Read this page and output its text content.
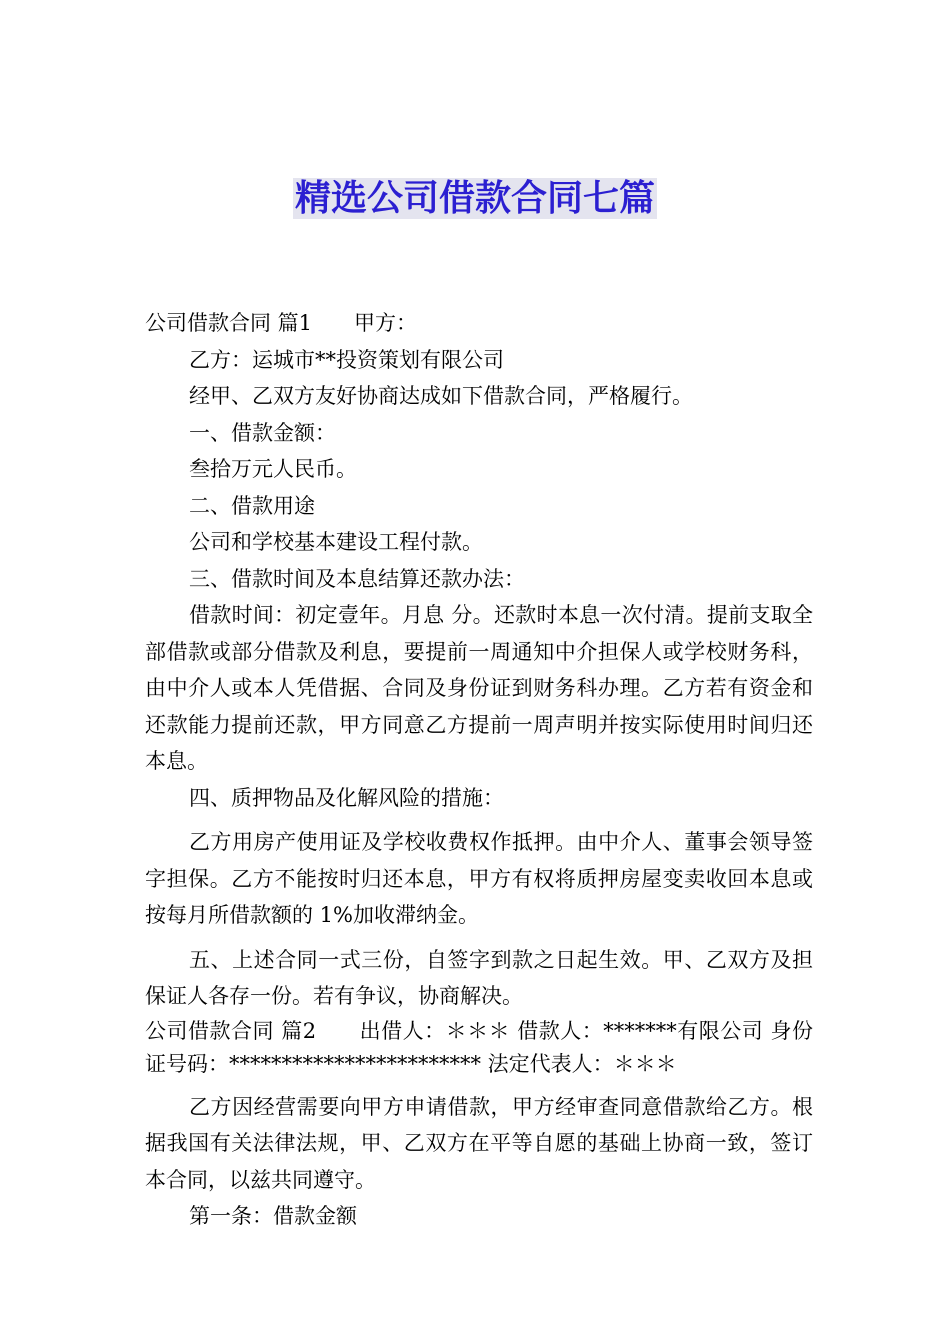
精选公司借款合同七篇

公司借款合同 篇1　　甲方：

乙方：运城市**投资策划有限公司

经甲、乙双方友好协商达成如下借款合同，严格履行。

一、借款金额：

叁拾万元人民币。

二、借款用途

公司和学校基本建设工程付款。

三、借款时间及本息结算还款办法：

借款时间：初定壹年。月息 分。还款时本息一次付清。提前支取全部借款或部分借款及利息，要提前一周通知中介担保人或学校财务科，由中介人或本人凭借据、合同及身份证到财务科办理。乙方若有资金和还款能力提前还款，甲方同意乙方提前一周声明并按实际使用时间归还本息。

四、质押物品及化解风险的措施：

乙方用房产使用证及学校收费权作抵押。由中介人、董事会领导签字担保。乙方不能按时归还本息，甲方有权将质押房屋变卖收回本息或按每月所借款额的 1%加收滞纳金。

五、上述合同一式三份，自签字到款之日起生效。甲、乙双方及担保证人各存一份。若有争议，协商解决。

公司借款合同 篇2　　出借人：＊＊＊ 借款人：*******有限公司 身份证号码：************************ 法定代表人：＊＊＊

乙方因经营需要向甲方申请借款，甲方经审查同意借款给乙方。根据我国有关法律法规，甲、乙双方在平等自愿的基础上协商一致，签订本合同，以兹共同遵守。

第一条：借款金额
